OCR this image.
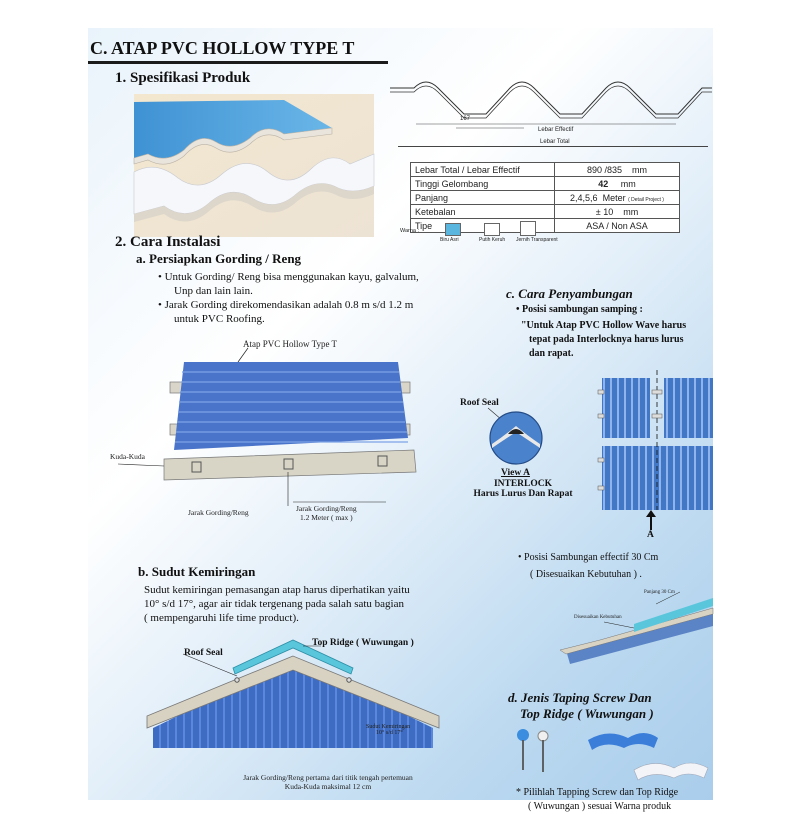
C. ATAP PVC HOLLOW TYPE T
1. Spesifikasi Produk
167
Lebar Effectif
Lebar Total
Lebar Total / Lebar Effectif	890 /835 mm
Tinggi Gelombang	42 mm
Panjang	2,4,5,6 Meter ( Detail Project )
Ketebalan	± 10 mm
Tipe	ASA / Non ASA
Warna :
Biru Asri	Putih Keruh Jernih Transparent
2. Cara Instalasi
a. Persiapkan Gording / Reng
• Untuk Gording/ Reng bisa menggunakan kayu, galvalum,
Unp dan lain lain.
• Jarak Gording direkomendasikan adalah 0.8 m s/d 1.2 m
untuk PVC Roofing.
Atap PVC Hollow Type T
Kuda-Kuda
Jarak Gording/Reng	Jarak Gording/Reng
1.2 Meter ( max )
b. Sudut Kemiringan
Sudut kemiringan pemasangan atap harus diperhatikan yaitu
10° s/d 17°, agar air tidak tergenang pada salah satu bagian
( mempengaruhi life time product).
Roof Seal
Top Ridge ( Wuwungan )
Sudut Kemiringan
10° s/d 17°
Jarak Gording/Reng pertama dari titik tengah pertemuan
Kuda-Kuda maksimal 12 cm
c. Cara Penyambungan
• Posisi sambungan samping :
"Untuk Atap PVC Hollow Wave harus
tepat pada Interlocknya harus lurus
dan rapat.
Roof Seal
View A
INTERLOCK
Harus Lurus Dan Rapat
A
• Posisi Sambungan effectif 30 Cm
( Disesuaikan Kebutuhan ) .
Panjang 30 Cm
Disesuaikan Kebutuhan
d. Jenis Taping Screw Dan
Top Ridge ( Wuwungan )
* Pilihlah Tapping Screw dan Top Ridge
( Wuwungan ) sesuai Warna produk
